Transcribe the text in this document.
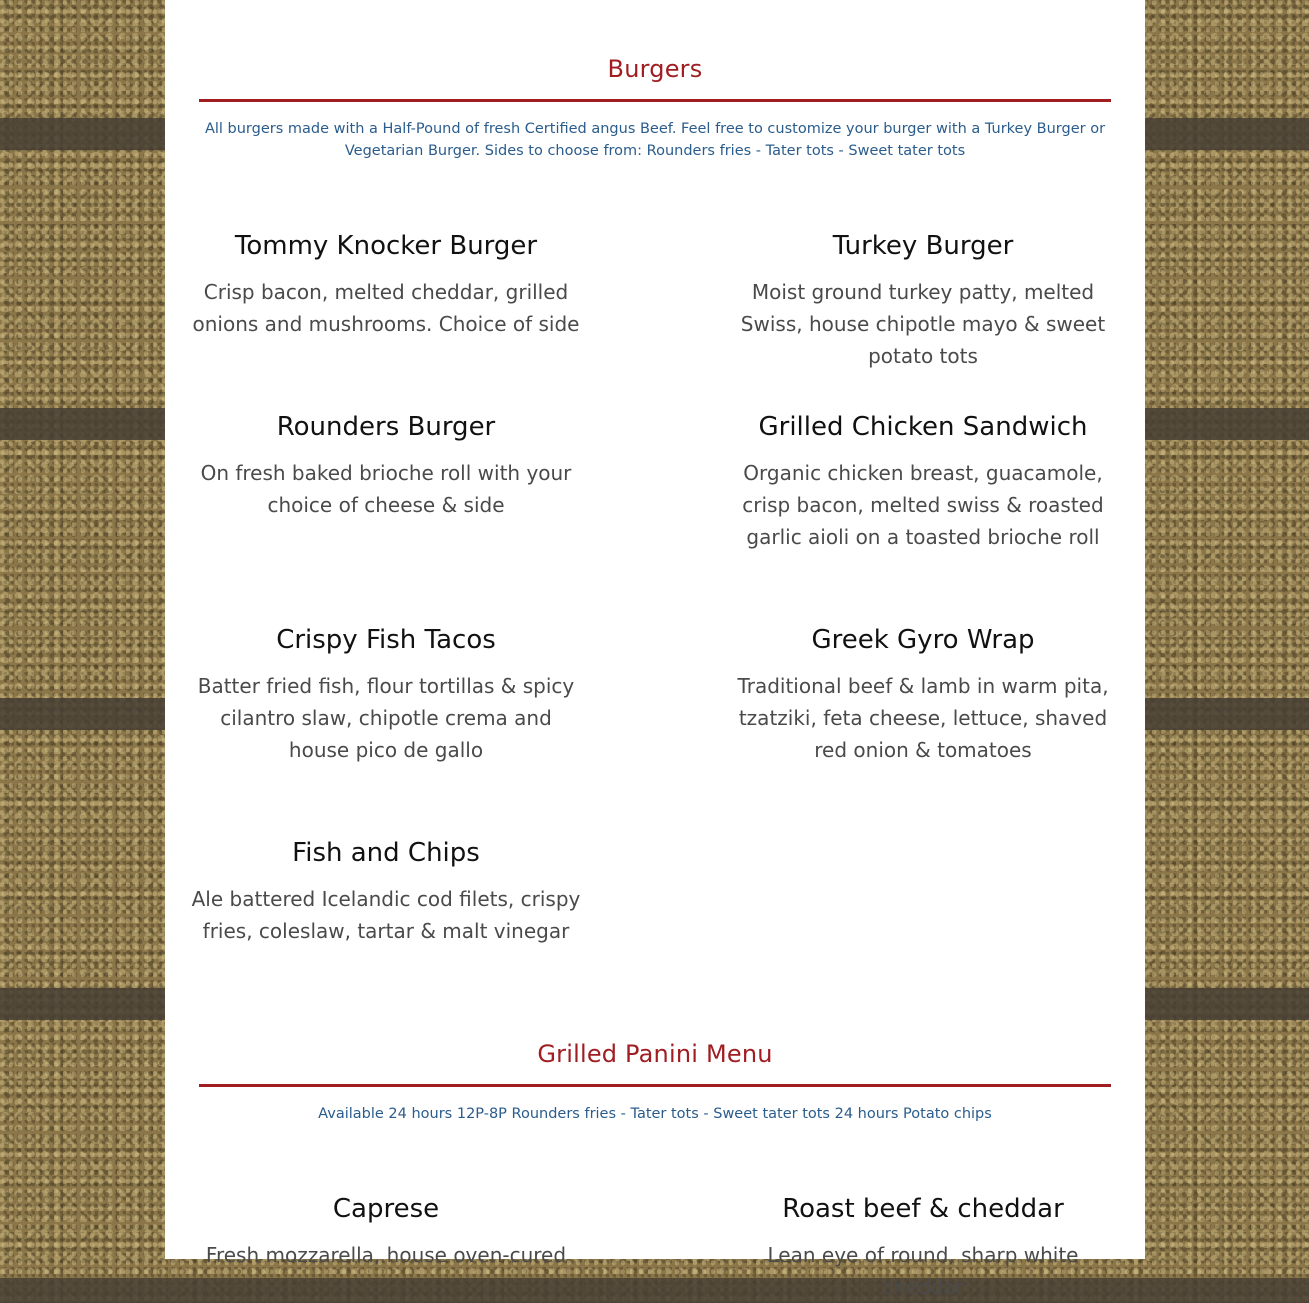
Burgers
All burgers made with a Half-Pound of fresh Certified angus Beef. Feel free to customize your burger with a Turkey Burger or Vegetarian Burger. Sides to choose from: Rounders fries - Tater tots - Sweet tater tots
Tommy Knocker Burger
Crisp bacon, melted cheddar, grilled onions and mushrooms. Choice of side
Turkey Burger
Moist ground turkey patty, melted Swiss, house chipotle mayo & sweet potato tots
Rounders Burger
On fresh baked brioche roll with your choice of cheese & side
Grilled Chicken Sandwich
Organic chicken breast, guacamole, crisp bacon, melted swiss & roasted garlic aioli on a toasted brioche roll
Crispy Fish Tacos
Batter fried fish, flour tortillas & spicy cilantro slaw, chipotle crema and house pico de gallo
Greek Gyro Wrap
Traditional beef & lamb in warm pita, tzatziki, feta cheese, lettuce, shaved red onion & tomatoes
Fish and Chips
Ale battered Icelandic cod filets, crispy fries, coleslaw, tartar & malt vinegar
Grilled Panini Menu
Available 24 hours 12P-8P Rounders fries - Tater tots - Sweet tater tots 24 hours Potato chips
Caprese
Fresh mozzarella, house oven-cured
Roast beef & cheddar
Lean eye of round, sharp white cheddar
